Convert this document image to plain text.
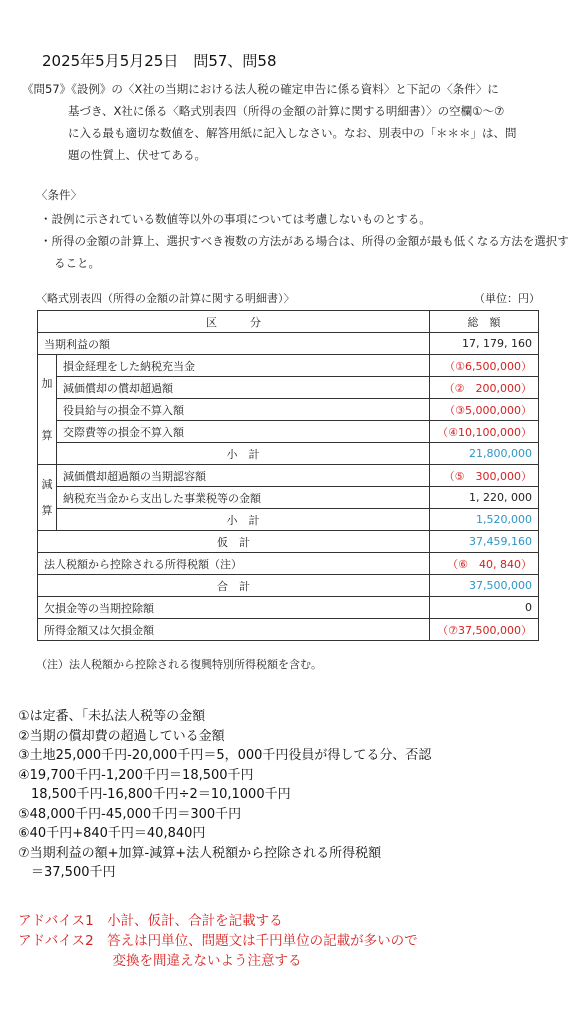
2025年5月5月25日　問57、問58
《問57》《設例》の〈X社の当期における法人税の確定申告に係る資料〉と下記の〈条件〉に
基づき、X社に係る〈略式別表四（所得の金額の計算に関する明細書）〉の空欄①〜⑦
に入る最も適切な数値を、解答用紙に記入しなさい。なお、別表中の「＊＊＊」は、問
題の性質上、伏せてある。
〈条件〉
・設例に示されている数値等以外の事項については考慮しないものとする。
・所得の金額の計算上、選択すべき複数の方法がある場合は、所得の金額が最も低くなる方法を選択すること。
〈略式別表四（所得の金額の計算に関する明細書）〉	（単位：円）
区　　　分		総　額
当期利益の額		17, 179, 160
加

算	損金経理をした納税充当金	（①6,500,000）
	減価償却の償却超過額	（②　200,000）
	役員給与の損金不算入額	（③5,000,000）
	交際費等の損金不算入額	（④10,100,000）
	小　計	21,800,000
減
算	減価償却超過額の当期認容額	（⑤　300,000）
	納税充当金から支出した事業税等の金額	1, 220, 000
	小　計	1,520,000
仮　計		37,459,160
法人税額から控除される所得税額（注）		（⑥　40, 840）
合　計		37,500,000
欠損金等の当期控除額		0
所得金額又は欠損金額		（⑦37,500,000）
（注）法人税額から控除される復興特別所得税額を含む。
①は定番、「未払法人税等の金額
②当期の償却費の超過している金額
③土地25,000千円-20,000千円＝5，000千円役員が得してる分、否認
④19,700千円-1,200千円＝18,500千円
　18,500千円-16,800千円÷2＝10,1000千円
⑤48,000千円-45,000千円＝300千円
⑥40千円+840千円＝40,840円
⑦当期利益の額+加算-減算+法人税額から控除される所得税額
　＝37,500千円
アドバイス1　小計、仮計、合計を記載する
アドバイス2　答えは円単位、問題文は千円単位の記載が多いので
　　　　　　　変換を間違えないよう注意する
